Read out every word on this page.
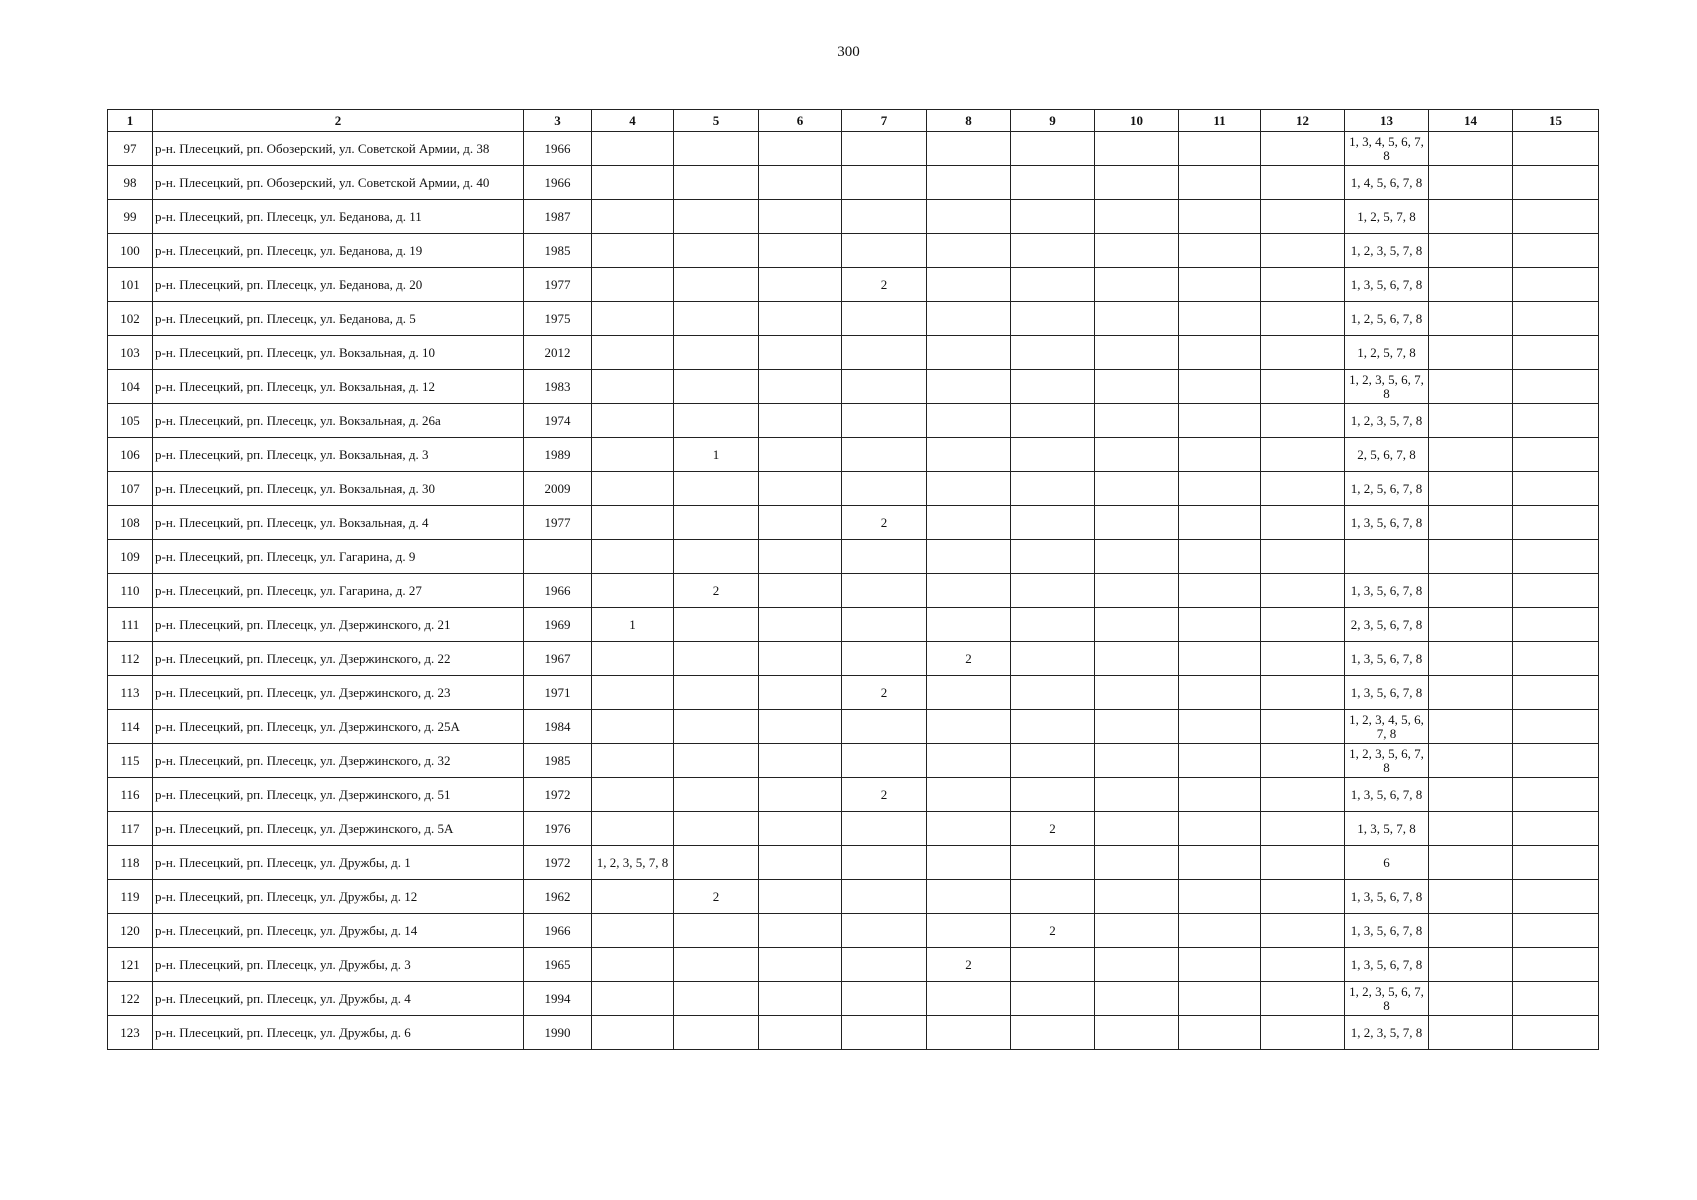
300
1	2	3	4	5	6	7	8	9	10	11	12	13	14	15
97	р-н. Плесецкий, рп. Обозерский, ул. Советской Армии, д. 38	1966										1, 3, 4, 5, 6, 7, 8		
98	р-н. Плесецкий, рп. Обозерский, ул. Советской Армии, д. 40	1966										1, 4, 5, 6, 7, 8		
99	р-н. Плесецкий, рп. Плесецк, ул. Беданова, д. 11	1987										1, 2, 5, 7, 8		
100	р-н. Плесецкий, рп. Плесецк, ул. Беданова, д. 19	1985										1, 2, 3, 5, 7, 8		
101	р-н. Плесецкий, рп. Плесецк, ул. Беданова, д. 20	1977				2						1, 3, 5, 6, 7, 8		
102	р-н. Плесецкий, рп. Плесецк, ул. Беданова, д. 5	1975										1, 2, 5, 6, 7, 8		
103	р-н. Плесецкий, рп. Плесецк, ул. Вокзальная, д. 10	2012										1, 2, 5, 7, 8		
104	р-н. Плесецкий, рп. Плесецк, ул. Вокзальная, д. 12	1983										1, 2, 3, 5, 6, 7, 8		
105	р-н. Плесецкий, рп. Плесецк, ул. Вокзальная, д. 26а	1974										1, 2, 3, 5, 7, 8		
106	р-н. Плесецкий, рп. Плесецк, ул. Вокзальная, д. 3	1989		1								2, 5, 6, 7, 8		
107	р-н. Плесецкий, рп. Плесецк, ул. Вокзальная, д. 30	2009										1, 2, 5, 6, 7, 8		
108	р-н. Плесецкий, рп. Плесецк, ул. Вокзальная, д. 4	1977				2						1, 3, 5, 6, 7, 8		
109	р-н. Плесецкий, рп. Плесецк, ул. Гагарина, д. 9													
110	р-н. Плесецкий, рп. Плесецк, ул. Гагарина, д. 27	1966		2								1, 3, 5, 6, 7, 8		
111	р-н. Плесецкий, рп. Плесецк, ул. Дзержинского, д. 21	1969	1									2, 3, 5, 6, 7, 8		
112	р-н. Плесецкий, рп. Плесецк, ул. Дзержинского, д. 22	1967					2					1, 3, 5, 6, 7, 8		
113	р-н. Плесецкий, рп. Плесецк, ул. Дзержинского, д. 23	1971				2						1, 3, 5, 6, 7, 8		
114	р-н. Плесецкий, рп. Плесецк, ул. Дзержинского, д. 25А	1984										1, 2, 3, 4, 5, 6, 7, 8		
115	р-н. Плесецкий, рп. Плесецк, ул. Дзержинского, д. 32	1985										1, 2, 3, 5, 6, 7, 8		
116	р-н. Плесецкий, рп. Плесецк, ул. Дзержинского, д. 51	1972				2						1, 3, 5, 6, 7, 8		
117	р-н. Плесецкий, рп. Плесецк, ул. Дзержинского, д. 5А	1976						2				1, 3, 5, 7, 8		
118	р-н. Плесецкий, рп. Плесецк, ул. Дружбы, д. 1	1972	1, 2, 3, 5, 7, 8									6		
119	р-н. Плесецкий, рп. Плесецк, ул. Дружбы, д. 12	1962		2								1, 3, 5, 6, 7, 8		
120	р-н. Плесецкий, рп. Плесецк, ул. Дружбы, д. 14	1966						2				1, 3, 5, 6, 7, 8		
121	р-н. Плесецкий, рп. Плесецк, ул. Дружбы, д. 3	1965					2					1, 3, 5, 6, 7, 8		
122	р-н. Плесецкий, рп. Плесецк, ул. Дружбы, д. 4	1994										1, 2, 3, 5, 6, 7, 8		
123	р-н. Плесецкий, рп. Плесецк, ул. Дружбы, д. 6	1990										1, 2, 3, 5, 7, 8		
